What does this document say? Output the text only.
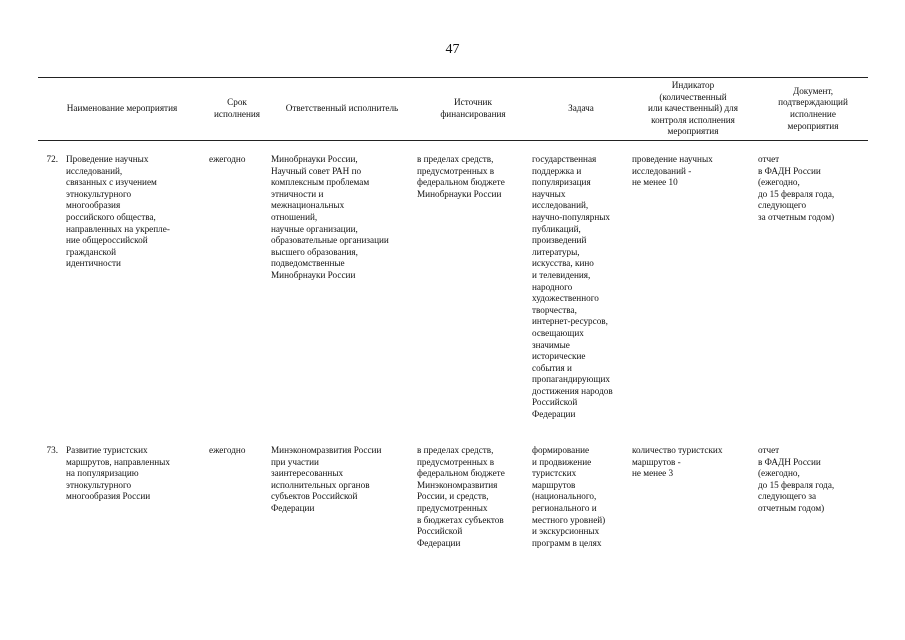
47
Наименование мероприятия
Срок
исполнения
Ответственный исполнитель
Источник
финансирования
Задача
Индикатор
(количественный
или качественный) для
контроля исполнения
мероприятия
Документ,
подтверждающий
исполнение
мероприятия
72. Проведение научных
исследований,
связанных с изучением
этнокультурного
многообразия
российского общества,
направленных на укрепле-
ние общероссийской
гражданской
идентичности
ежегодно	Минобрнауки России,
Научный совет РАН по
комплексным проблемам
этничности и
межнациональных
отношений,
научные организации,
образовательные организации
высшего образования,
подведомственные
Минобрнауки России
в пределах средств,
предусмотренных в
федеральном бюджете
Минобрнауки России
государственная
поддержка и
популяризация
научных
исследований,
научно-популярных
публикаций,
произведений
литературы,
искусства, кино
и телевидения,
народного
художественного
творчества,
интернет-ресурсов,
освещающих
значимые
исторические
события и
пропагандирующих
достижения народов
Российской
Федерации
проведение научных
исследований -
не менее 10
отчет
в ФАДН России
(ежегодно,
до 15 февраля года,
следующего
за отчетным годом)
73. Развитие туристских
маршрутов, направленных
на популяризацию
этнокультурного
многообразия России
ежегодно	Минэкономразвития России
при участии
заинтересованных
исполнительных органов
субъектов Российской
Федерации
в пределах средств,
предусмотренных в
федеральном бюджете
Минэкономразвития
России, и средств,
предусмотренных
в бюджетах субъектов
Российской
Федерации
формирование
и продвижение
туристских
маршрутов
(национального,
регионального и
местного уровней)
и экскурсионных
программ в целях
количество туристских
маршрутов -
не менее 3
отчет
в ФАДН России
(ежегодно,
до 15 февраля года,
следующего за
отчетным годом)
